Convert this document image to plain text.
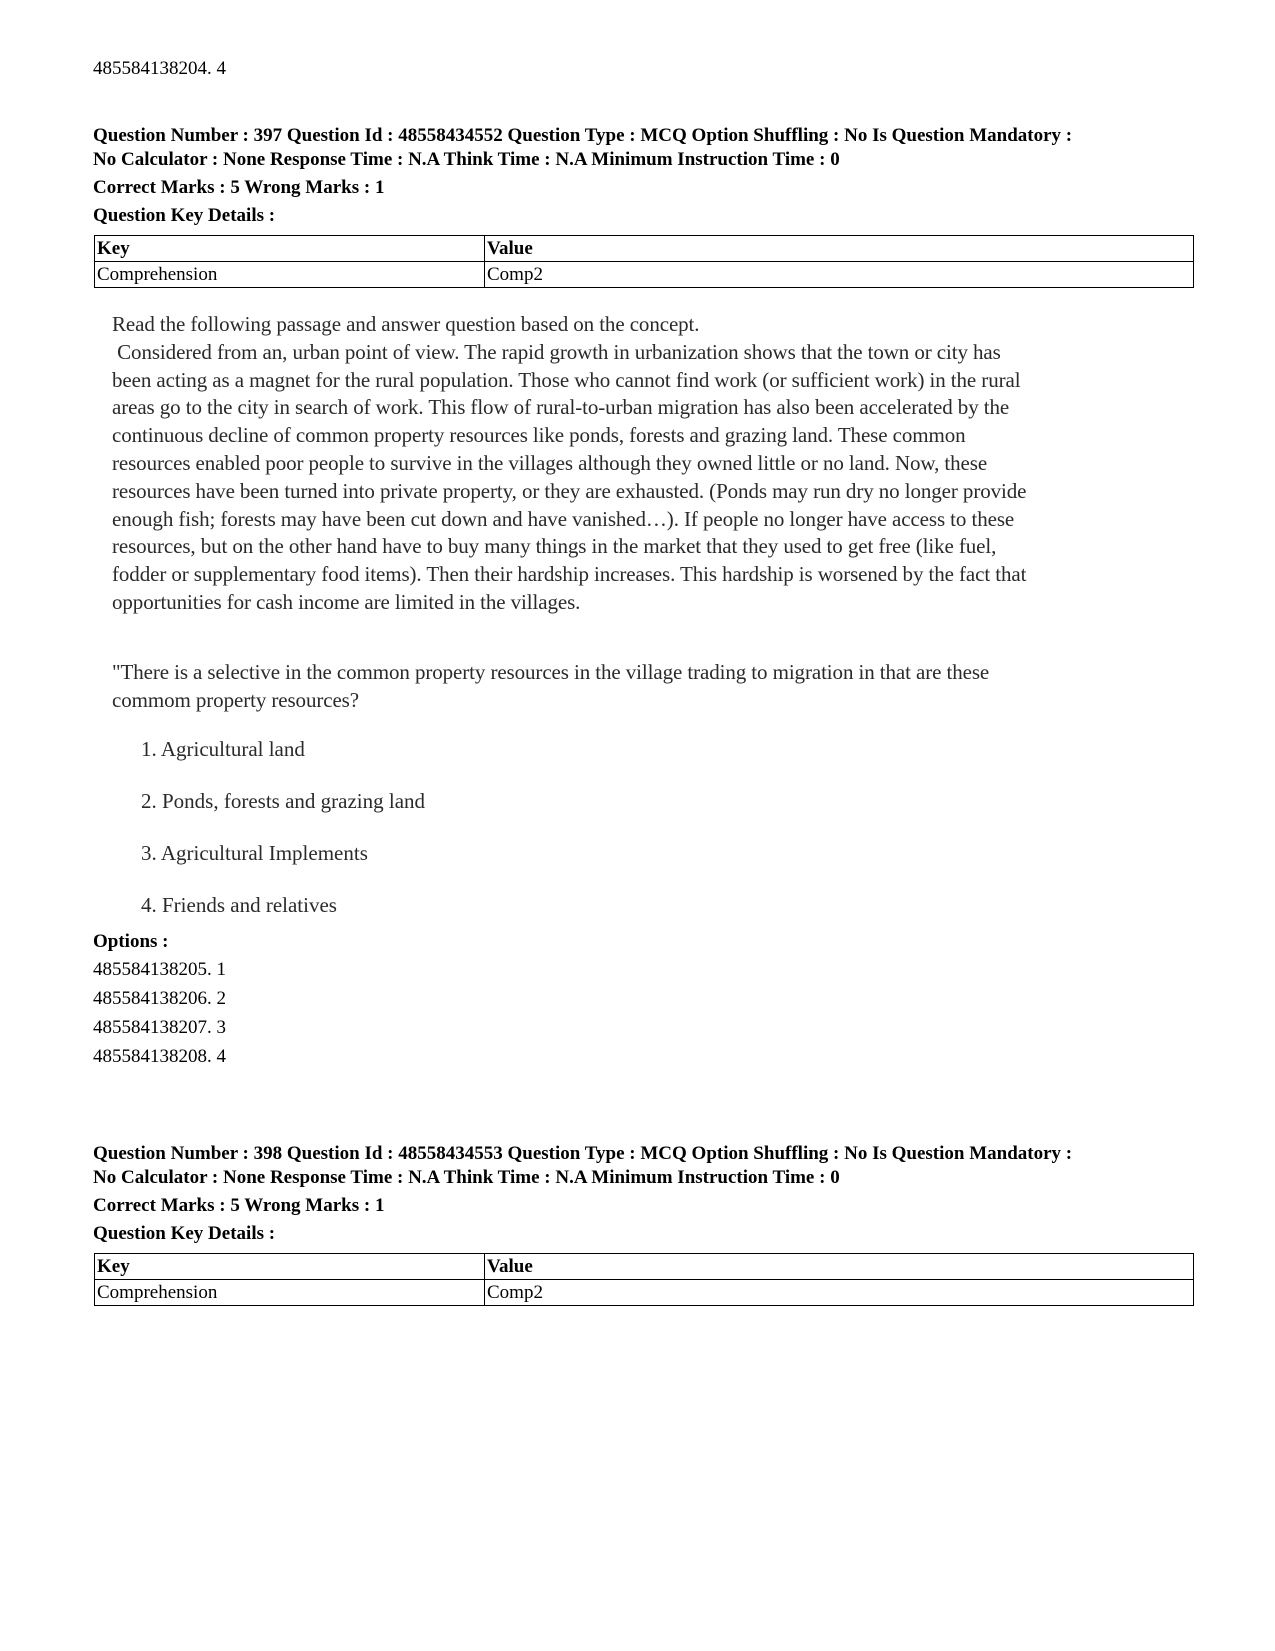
485584138204. 4
Question Number : 397 Question Id : 48558434552 Question Type : MCQ Option Shuffling : No Is Question Mandatory :
No Calculator : None Response Time : N.A Think Time : N.A Minimum Instruction Time : 0
Correct Marks : 5 Wrong Marks : 1
Question Key Details :
Key	Value
Comprehension	Comp2

Read the following passage and answer question based on the concept.

Considered from an, urban point of view. The rapid growth in urbanization shows that the town or city has

been acting as a magnet for the rural population. Those who cannot find work (or sufficient work) in the rural

areas go to the city in search of work. This flow of rural-to-urban migration has also been accelerated by the

continuous decline of common property resources like ponds, forests and grazing land. These common

resources enabled poor people to survive in the villages although they owned little or no land. Now, these

resources have been turned into private property, or they are exhausted. (Ponds may run dry no longer provide

enough fish; forests may have been cut down and have vanished…). If people no longer have access to these

resources, but on the other hand have to buy many things in the market that they used to get free (like fuel,

fodder or supplementary food items). Then their hardship increases. This hardship is worsened by the fact that

opportunities for cash income are limited in the villages.

"There is a selective in the common property resources in the village trading to migration in that are these

commom property resources?

1. Agricultural land
2. Ponds, forests and grazing land
3. Agricultural Implements
4. Friends and relatives
Options :
485584138205. 1
485584138206. 2
485584138207. 3
485584138208. 4
Question Number : 398 Question Id : 48558434553 Question Type : MCQ Option Shuffling : No Is Question Mandatory :
No Calculator : None Response Time : N.A Think Time : N.A Minimum Instruction Time : 0
Correct Marks : 5 Wrong Marks : 1
Question Key Details :
Key	Value
Comprehension	Comp2
